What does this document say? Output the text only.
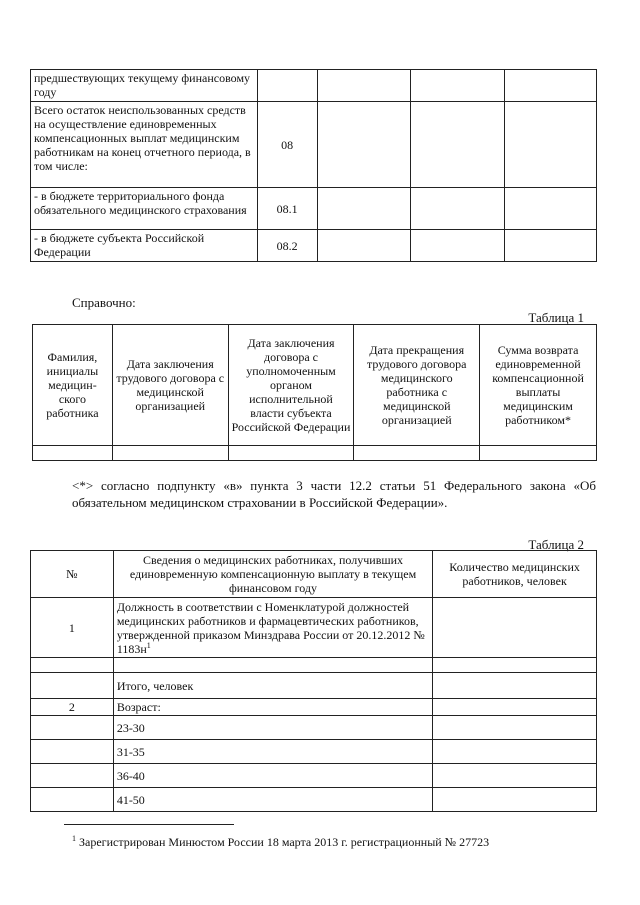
предшествующих текущему финансовому году				
Всего остаток неиспользованных средств на осуществление единовременных компенсационных выплат медицинским работникам на конец отчетного периода, в том числе:	08			
- в бюджете территориального фонда обязательного медицинского страхования	08.1			
- в бюджете субъекта Российской Федерации	08.2			
Справочно:
Таблица 1
Фамилия, инициалы медицин-ского работника	Дата заключения трудового договора с медицинской организацией	Дата заключения договора с уполномоченным органом исполнительной власти субъекта Российской Федерации	Дата прекращения трудового договора медицинского работника с медицинской организацией	Сумма возврата единовременной компенсационной выплаты медицинским работником*

<*> согласно подпункту «в» пункта 3 части 12.2 статьи 51 Федерального закона «Об обязательном медицинском страховании в Российской Федерации».
Таблица 2
№	Сведения о медицинских работниках, получивших единовременную компенсационную выплату в текущем финансовом году	Количество медицинских работников, человек
1	Должность в соответствии с Номенклатурой должностей медицинских работников и фармацевтических работников, утвержденной приказом Минздрава России от 20.12.2012 № $1183н^1$	

	Итого, человек	
2	Возраст:	
	23-30	
	31-35	
	36-40	
	41-50	
$^1$ Зарегистрирован Минюстом России 18 марта 2013 г. регистрационный № 27723
